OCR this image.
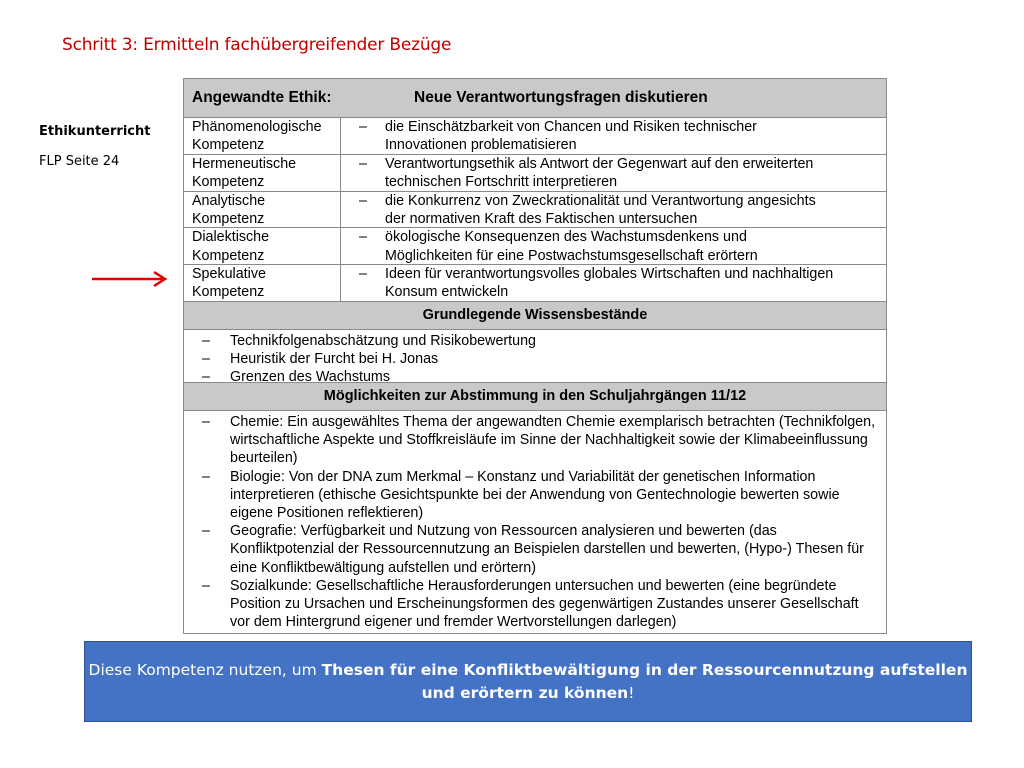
Schritt 3: Ermitteln fachübergreifender Bezüge
Ethikunterricht
FLP Seite 24
Angewandte Ethik:	Neue Verantwortungsfragen diskutieren
Phänomenologische
Kompetenz
– die Einschätzbarkeit von Chancen und Risiken technischer
Innovationen problematisieren
Hermeneutische
Kompetenz
– Verantwortungsethik als Antwort der Gegenwart auf den erweiterten
technischen Fortschritt interpretieren
Analytische
Kompetenz
– die Konkurrenz von Zweckrationalität und Verantwortung angesichts
der normativen Kraft des Faktischen untersuchen
Dialektische
Kompetenz
– ökologische Konsequenzen des Wachstumsdenkens und
Möglichkeiten für eine Postwachstumsgesellschaft erörtern
Spekulative
Kompetenz
– Ideen für verantwortungsvolles globales Wirtschaften und nachhaltigen
Konsum entwickeln
Grundlegende Wissensbestände
– Technikfolgenabschätzung und Risikobewertung
– Heuristik der Furcht bei H. Jonas
– Grenzen des Wachstums
Möglichkeiten zur Abstimmung in den Schuljahrgängen 11/12
– Chemie: Ein ausgewähltes Thema der angewandten Chemie exemplarisch betrachten (Technikfolgen, wirtschaftliche Aspekte und Stoffkreisläufe im Sinne der Nachhaltigkeit sowie der Klimabeeinflussung beurteilen)
– Biologie: Von der DNA zum Merkmal – Konstanz und Variabilität der genetischen Information interpretieren (ethische Gesichtspunkte bei der Anwendung von Gentechnologie bewerten sowie eigene Positionen reflektieren)
– Geografie: Verfügbarkeit und Nutzung von Ressourcen analysieren und bewerten (das Konfliktpotenzial der Ressourcennutzung an Beispielen darstellen und bewerten, (Hypo-) Thesen für eine Konfliktbewältigung aufstellen und erörtern)
– Sozialkunde: Gesellschaftliche Herausforderungen untersuchen und bewerten (eine begründete Position zu Ursachen und Erscheinungsformen des gegenwärtigen Zustandes unserer Gesellschaft vor dem Hintergrund eigener und fremder Wertvorstellungen darlegen)
Diese Kompetenz nutzen, um Thesen für eine Konfliktbewältigung in der Ressourcennutzung aufstellen
und erörtern zu können!
